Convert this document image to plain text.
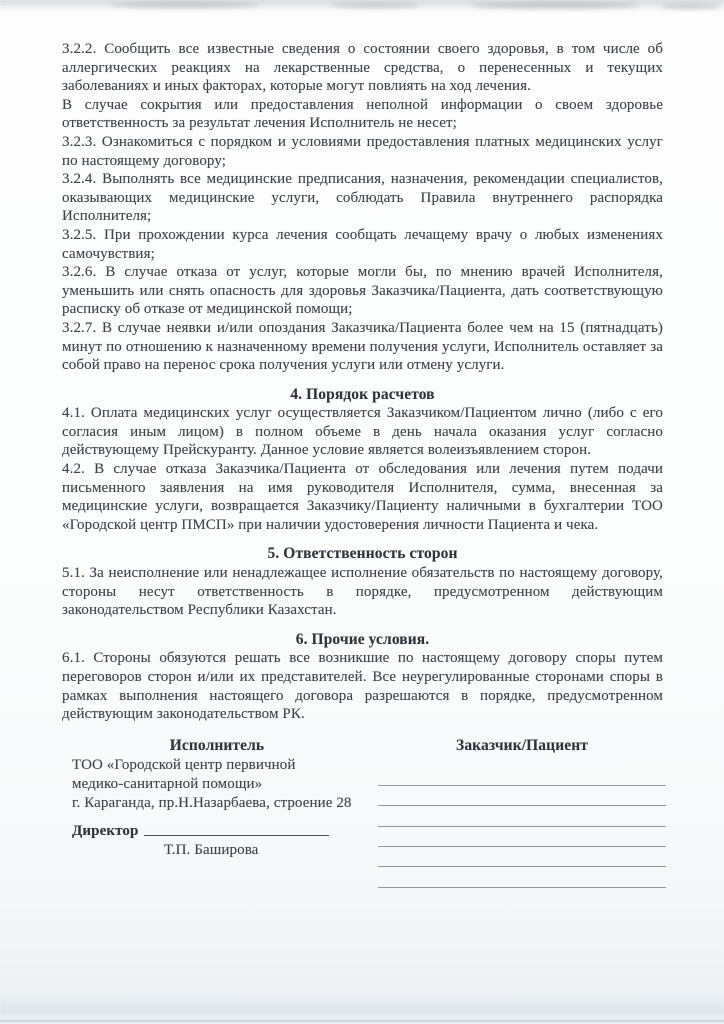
3.2.2. Сообщить все известные сведения о состоянии своего здоровья, в том числе об аллергических реакциях на лекарственные средства, о перенесенных и текущих заболеваниях и иных факторах, которые могут повлиять на ход лечения.

В случае сокрытия или предоставления неполной информации о своем здоровье ответственность за результат лечения Исполнитель не несет;

3.2.3. Ознакомиться с порядком и условиями предоставления платных медицинских услуг по настоящему договору;

3.2.4. Выполнять все медицинские предписания, назначения, рекомендации специалистов, оказывающих медицинские услуги, соблюдать Правила внутреннего распорядка Исполнителя;

3.2.5. При прохождении курса лечения сообщать лечащему врачу о любых изменениях самочувствия;

3.2.6. В случае отказа от услуг, которые могли бы, по мнению врачей Исполнителя, уменьшить или снять опасность для здоровья Заказчика/Пациента, дать соответствующую расписку об отказе от медицинской помощи;

3.2.7. В случае неявки и/или опоздания Заказчика/Пациента более чем на 15 (пятнадцать) минут по отношению к назначенному времени получения услуги, Исполнитель оставляет за собой право на перенос срока получения услуги или отмену услуги.

4. Порядок расчетов

4.1. Оплата медицинских услуг осуществляется Заказчиком/Пациентом лично (либо с его согласия иным лицом) в полном объеме в день начала оказания услуг согласно действующему Прейскуранту. Данное условие является волеизъявлением сторон.

4.2. В случае отказа Заказчика/Пациента от обследования или лечения путем подачи письменного заявления на имя руководителя Исполнителя, сумма, внесенная за медицинские услуги, возвращается Заказчику/Пациенту наличными в бухгалтерии ТОО «Городской центр ПМСП» при наличии удостоверения личности Пациента и чека.

5. Ответственность сторон

5.1. За неисполнение или ненадлежащее исполнение обязательств по настоящему договору, стороны несут ответственность в порядке, предусмотренном действующим законодательством Республики Казахстан.

6. Прочие условия.

6.1. Стороны обязуются решать все возникшие по настоящему договору споры путем переговоров сторон и/или их представителей. Все неурегулированные сторонами споры в рамках выполнения настоящего договора разрешаются в порядке, предусмотренном действующим законодательством РК.

Исполнитель

ТОО «Городской центр первичной
медико-санитарной помощи»
г. Караганда, пр.Н.Назарбаева, строение 28
Директор
Т.П. Баширова

Заказчик/Пациент
